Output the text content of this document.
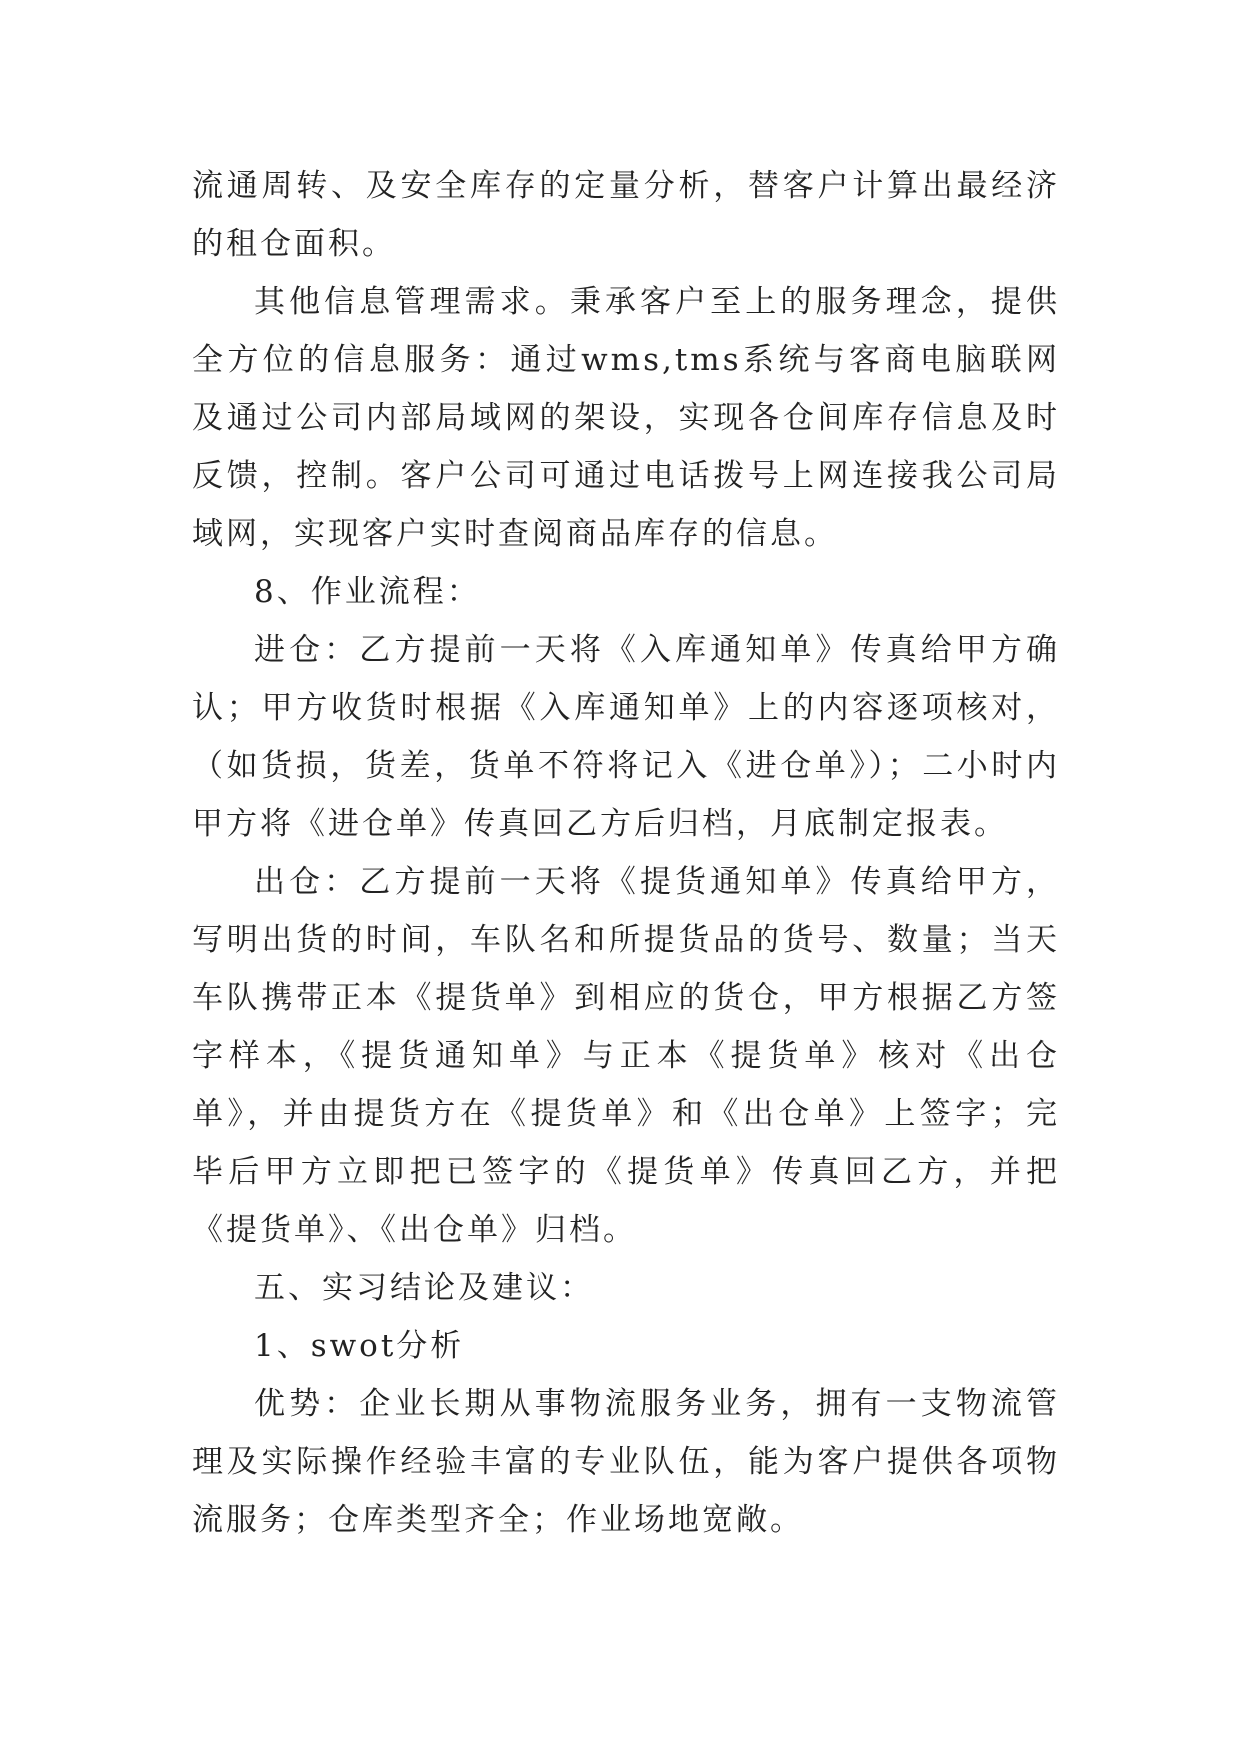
流通周转、及安全库存的定量分析，替客户计算出最经济的租仓面积。

其他信息管理需求。秉承客户至上的服务理念，提供全方位的信息服务：通过wms,tms系统与客商电脑联网及通过公司内部局域网的架设，实现各仓间库存信息及时反馈，控制。客户公司可通过电话拨号上网连接我公司局域网，实现客户实时查阅商品库存的信息。

8、作业流程：

进仓：乙方提前一天将《入库通知单》传真给甲方确认；甲方收货时根据《入库通知单》上的内容逐项核对，（如货损，货差，货单不符将记入《进仓单》）；二小时内甲方将《进仓单》传真回乙方后归档，月底制定报表。

出仓：乙方提前一天将《提货通知单》传真给甲方，写明出货的时间，车队名和所提货品的货号、数量；当天车队携带正本《提货单》到相应的货仓，甲方根据乙方签字样本，《提货通知单》与正本《提货单》核对《出仓单》，并由提货方在《提货单》和《出仓单》上签字；完毕后甲方立即把已签字的《提货单》传真回乙方，并把《提货单》、《出仓单》归档。

五、实习结论及建议：

1、swot分析

优势：企业长期从事物流服务业务，拥有一支物流管理及实际操作经验丰富的专业队伍，能为客户提供各项物流服务；仓库类型齐全；作业场地宽敞。
